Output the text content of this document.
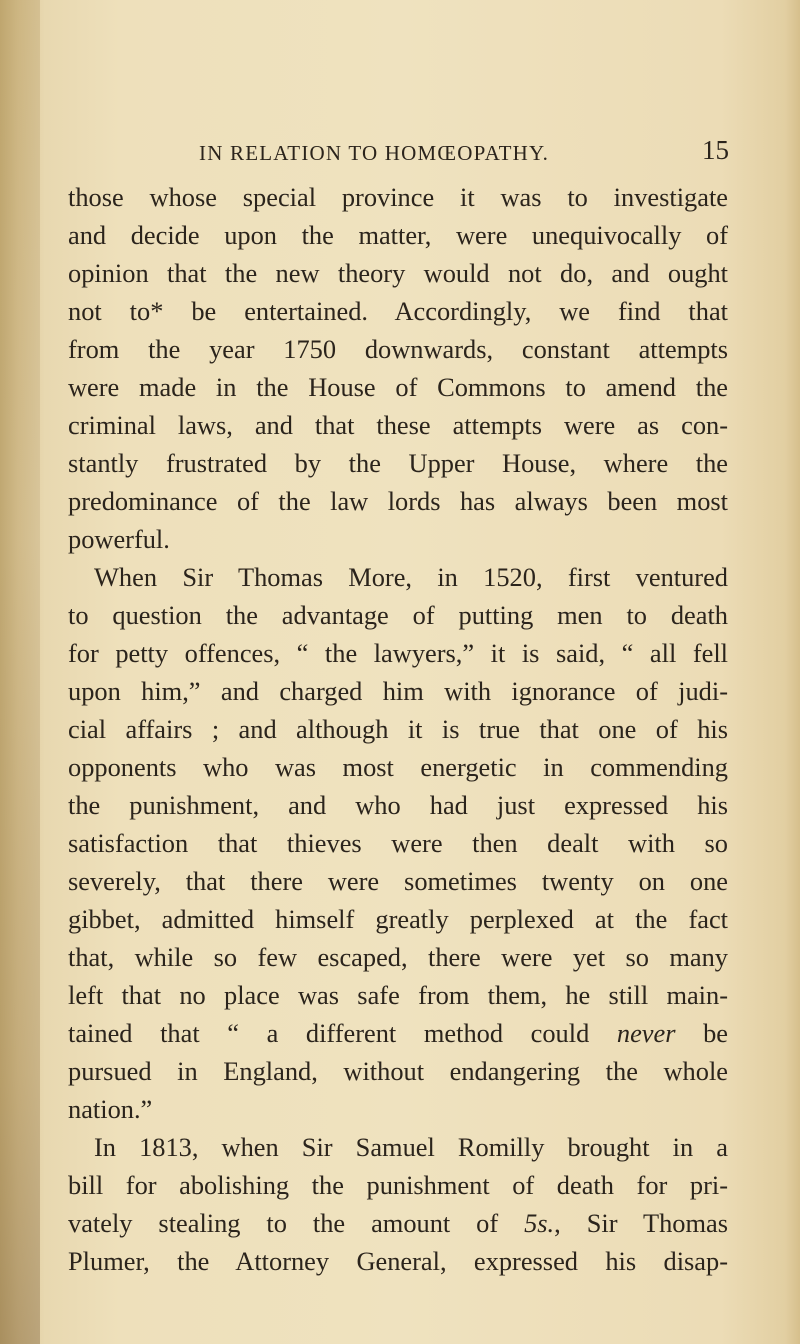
IN RELATION TO HOMŒOPATHY.	15
those whose special province it was to investigate
and decide upon the matter, were unequivocally of
opinion that the new theory would not do, and ought
not to* be entertained. Accordingly, we find that
from the year 1750 downwards, constant attempts
were made in the House of Commons to amend the
criminal laws, and that these attempts were as con-
stantly frustrated by the Upper House, where the
predominance of the law lords has always been most
powerful.
When Sir Thomas More, in 1520, first ventured
to question the advantage of putting men to death
for petty offences, “ the lawyers,” it is said, “ all fell
upon him,” and charged him with ignorance of judi-
cial affairs ; and although it is true that one of his
opponents who was most energetic in commending
the punishment, and who had just expressed his
satisfaction that thieves were then dealt with so
severely, that there were sometimes twenty on one
gibbet, admitted himself greatly perplexed at the fact
that, while so few escaped, there were yet so many
left that no place was safe from them, he still main-
tained that “ a different method could never be
pursued in England, without endangering the whole
nation.”
In 1813, when Sir Samuel Romilly brought in a
bill for abolishing the punishment of death for pri-
vately stealing to the amount of 5s., Sir Thomas
Plumer, the Attorney General, expressed his disap-
